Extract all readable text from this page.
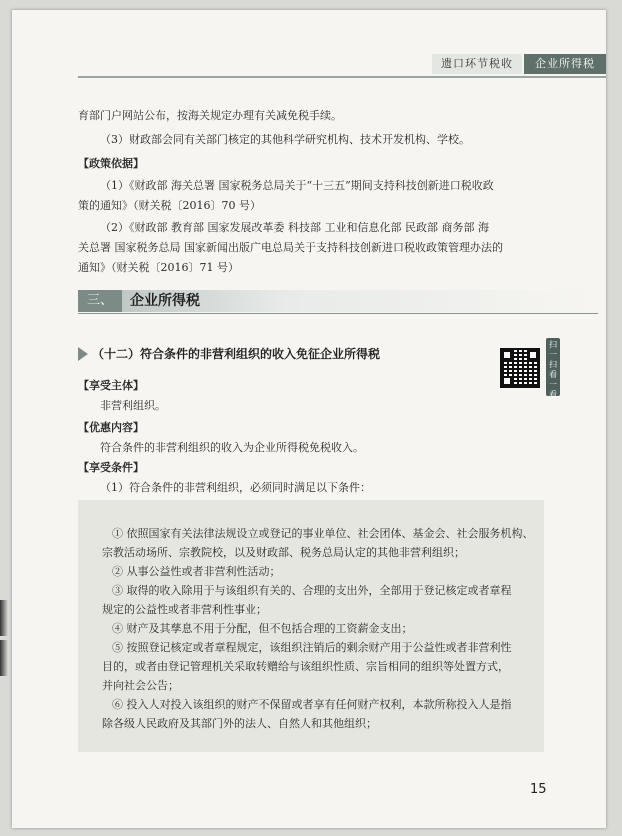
遗口环节税收	企业所得税
育部门户网站公布，按海关规定办理有关减免税手续。
（3）财政部会同有关部门核定的其他科学研究机构、技术开发机构、学校。
【政策依据】
（1）《财政部 海关总署 国家税务总局关于“十三五”期间支持科技创新进口税收政
策的通知》（财关税〔2016〕70 号）
（2）《财政部 教育部 国家发展改革委 科技部 工业和信息化部 民政部 商务部 海
关总署 国家税务总局 国家新闻出版广电总局关于支持科技创新进口税收政策管理办法的
通知》（财关税〔2016〕71 号）
三、	企业所得税
（十二）符合条件的非营利组织的收入免征企业所得税
扫一扫看一看
【享受主体】
非营利组织。
【优惠内容】
符合条件的非营利组织的收入为企业所得税免税收入。
【享受条件】
（1）符合条件的非营利组织，必须同时满足以下条件：
① 依照国家有关法律法规设立或登记的事业单位、社会团体、基金会、社会服务机构、
宗教活动场所、宗教院校，以及财政部、税务总局认定的其他非营利组织；
② 从事公益性或者非营利性活动；
③ 取得的收入除用于与该组织有关的、合理的支出外，全部用于登记核定或者章程
规定的公益性或者非营利性事业；
④ 财产及其孳息不用于分配，但不包括合理的工资薪金支出；
⑤ 按照登记核定或者章程规定，该组织注销后的剩余财产用于公益性或者非营利性
目的，或者由登记管理机关采取转赠给与该组织性质、宗旨相同的组织等处置方式，
并向社会公告；
⑥ 投入人对投入该组织的财产不保留或者享有任何财产权利，本款所称投入人是指
除各级人民政府及其部门外的法人、自然人和其他组织；
15
